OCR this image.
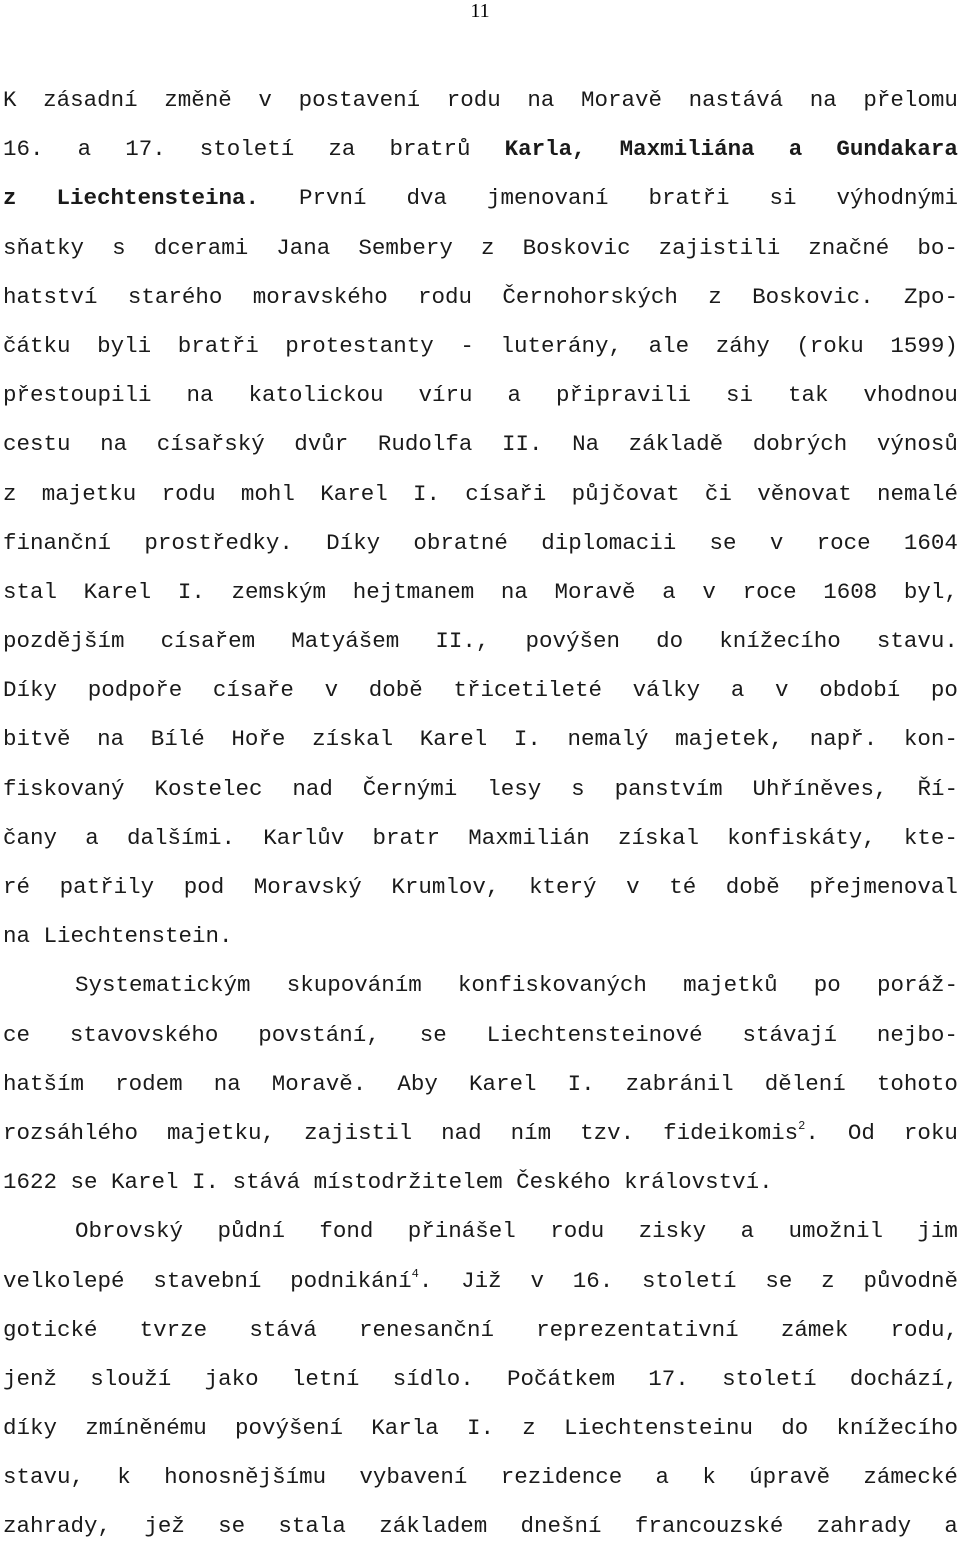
11
K zásadní změně v postavení rodu na Moravě nastává na přelomu
16. a 17. století za bratrů Karla, Maxmiliána a Gundakara
z Liechtensteina. První dva jmenovaní bratři si výhodnými
sňatky s dcerami Jana Sembery z Boskovic zajistili značné bo-
hatství starého moravského rodu Černohorských z Boskovic. Zpo-
čátku byli bratři protestanty - luterány, ale záhy (roku 1599)
přestoupili na katolickou víru a připravili si tak vhodnou
cestu na císařský dvůr Rudolfa II. Na základě dobrých výnosů
z majetku rodu mohl Karel I. císaři půjčovat či věnovat nemalé
finanční prostředky. Díky obratné diplomacii se v roce 1604
stal Karel I. zemským hejtmanem na Moravě a v roce 1608 byl,
pozdějším císařem Matyášem II., povýšen do knížecího stavu.
Díky podpoře císaře v době třicetileté války a v období po
bitvě na Bílé Hoře získal Karel I. nemalý majetek, např. kon-
fiskovaný Kostelec nad Černými lesy s panstvím Uhříněves, Ří-
čany a dalšími. Karlův bratr Maxmilián získal konfiskáty, kte-
ré patřily pod Moravský Krumlov, který v té době přejmenoval
na Liechtenstein.
Systematickým skupováním konfiskovaných majetků po poráž-
ce stavovského povstání, se Liechtensteinové stávají nejbo-
hatším rodem na Moravě. Aby Karel I. zabránil dělení tohoto
rozsáhlého majetku, zajistil nad ním tzv. fideikomis$^2$. Od roku
1622 se Karel I. stává místodržitelem Českého království.
Obrovský půdní fond přinášel rodu zisky a umožnil jim
velkolepé stavební podnikání$^4$. Již v 16. století se z původně
gotické tvrze stává renesanční reprezentativní zámek rodu,
jenž slouží jako letní sídlo. Počátkem 17. století dochází,
díky zmíněnému povýšení Karla I. z Liechtensteinu do knížecího
stavu, k honosnějšímu vybavení rezidence a k úpravě zámecké
zahrady, jež se stala základem dnešní francouzské zahrady a
